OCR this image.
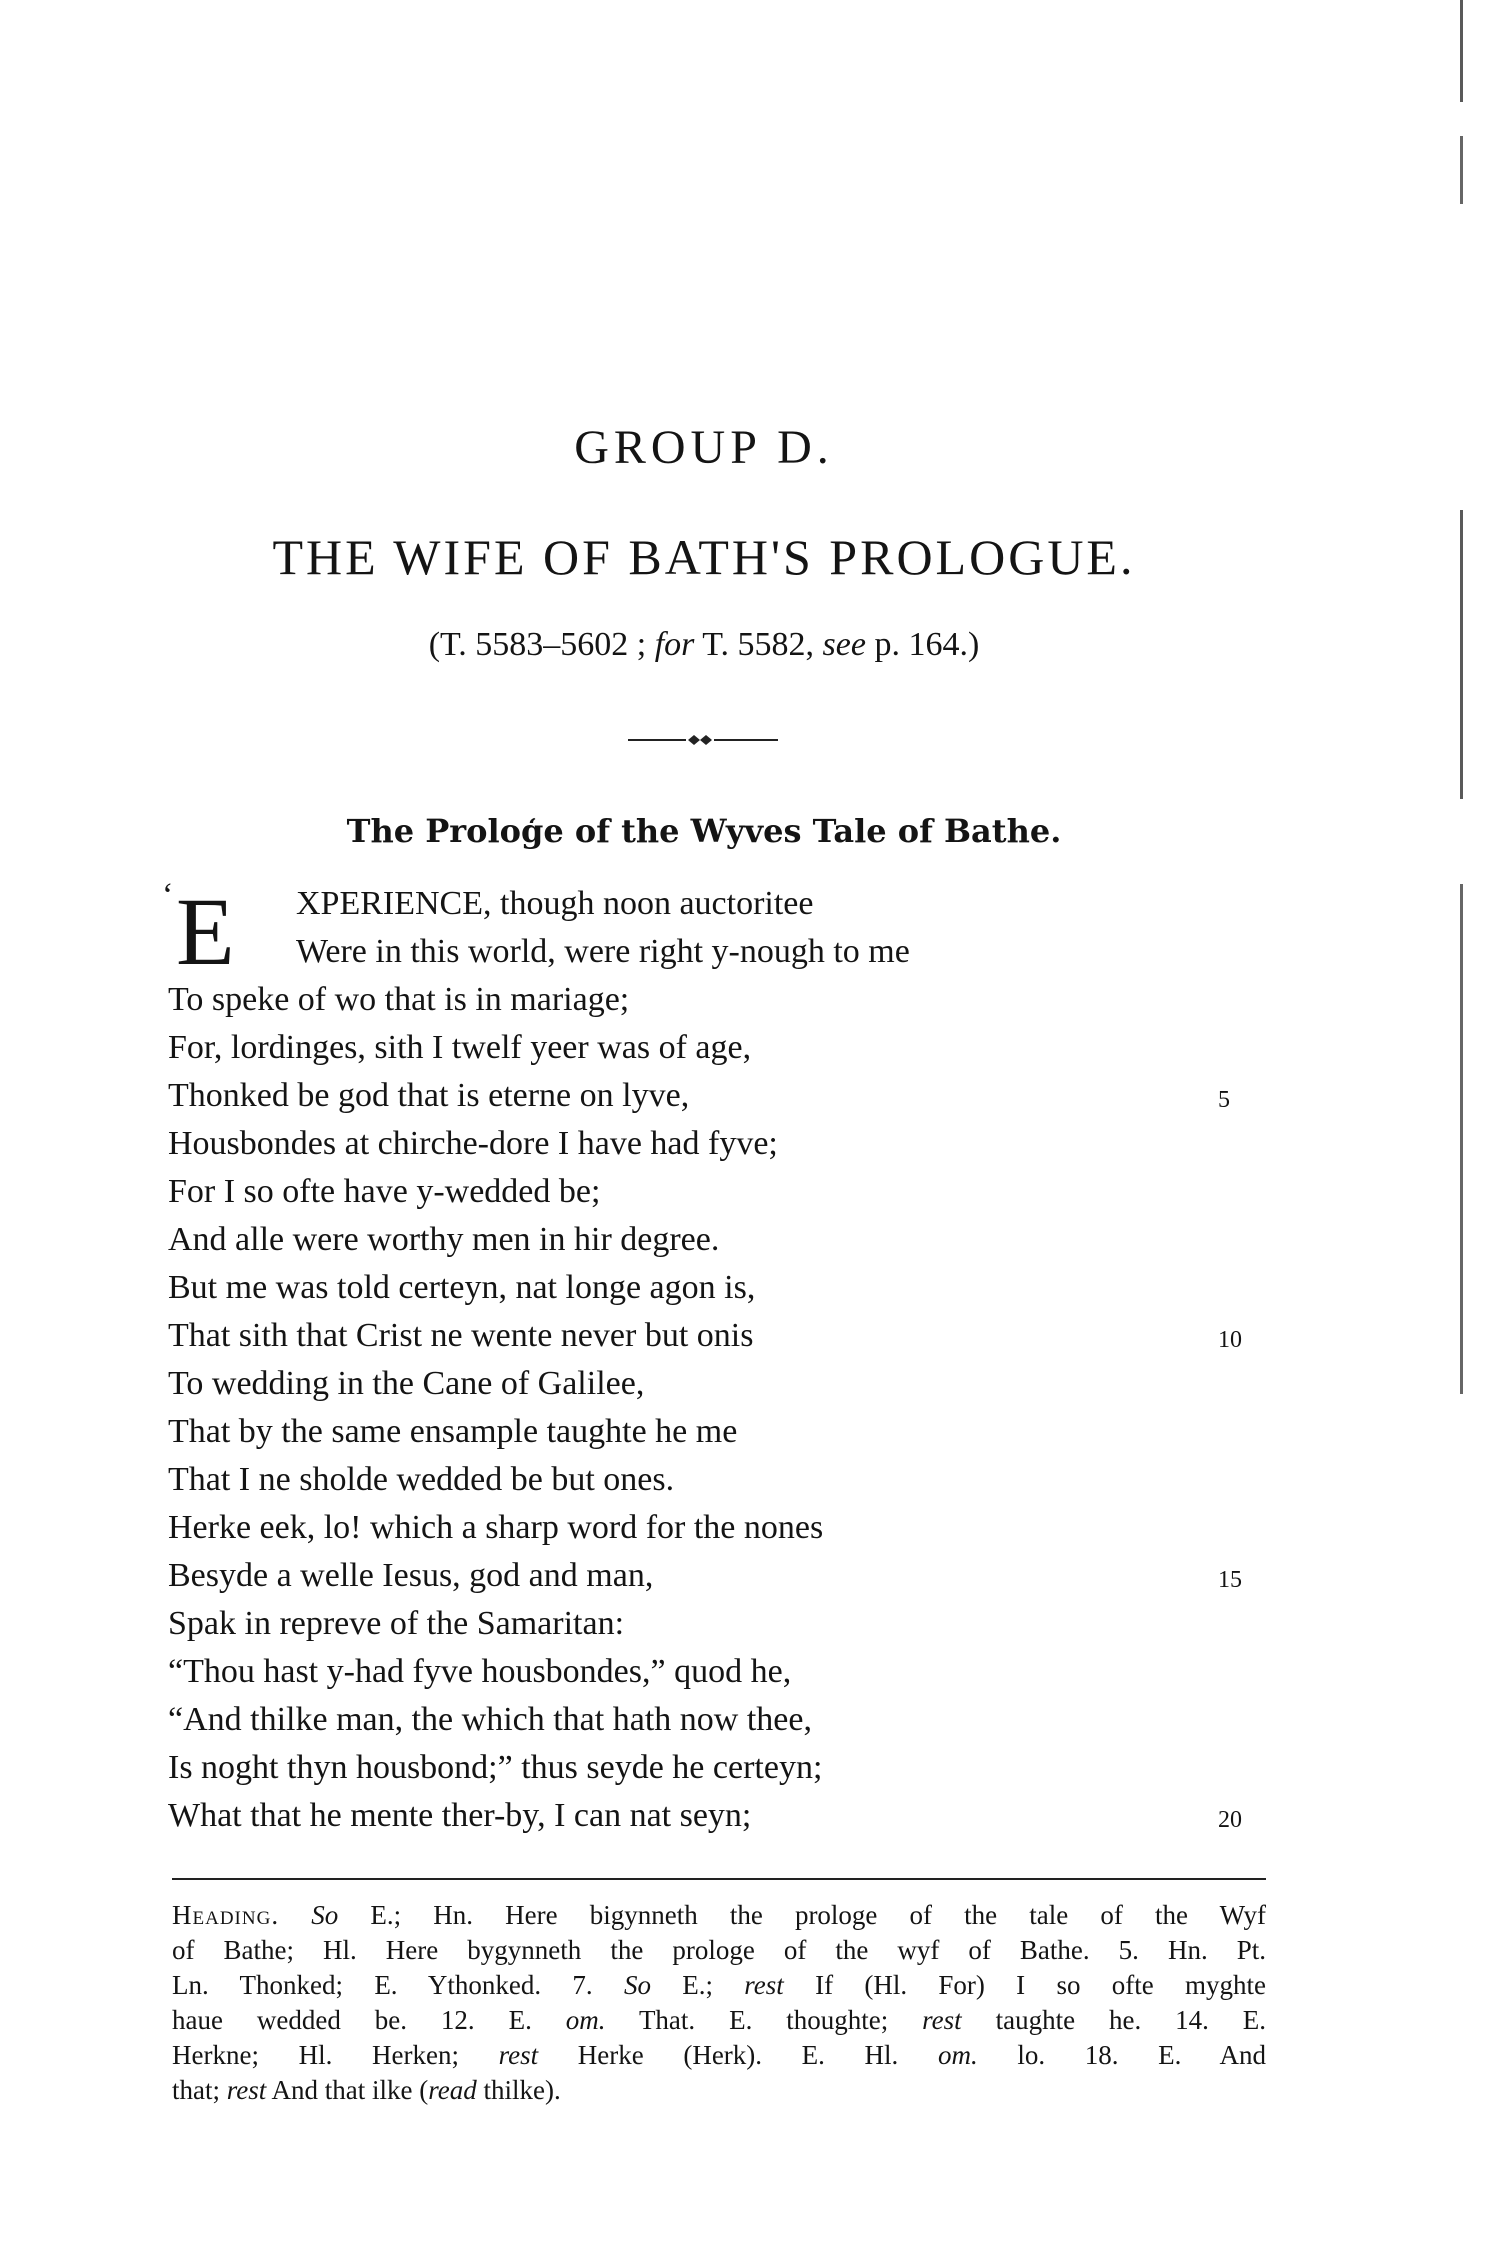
GROUP D.
THE WIFE OF BATH'S PROLOGUE.
(T. 5583–5602 ; for T. 5582, see p. 164.)
The Proloģe of the Wyves Tale of Bathe.
‘ E XPERIENCE, though noon auctoritee
Were in this world, were right y-nough to me
To speke of wo that is in mariage;
For, lordinges, sith I twelf yeer was of age,
Thonked be god that is eterne on lyve,	5
Housbondes at chirche-dore I have had fyve;
For I so ofte have y-wedded be;
And alle were worthy men in hir degree.
But me was told certeyn, nat longe agon is,
That sith that Crist ne wente never but onis	10
To wedding in the Cane of Galilee,
That by the same ensample taughte he me
That I ne sholde wedded be but ones.
Herke eek, lo! which a sharp word for the nones
Besyde a welle Iesus, god and man,	15
Spak in repreve of the Samaritan:
“Thou hast y-had fyve housbondes,” quod he,
“And thilke man, the which that hath now thee,
Is noght thyn housbond;” thus seyde he certeyn;
What that he mente ther-by, I can nat seyn;	20
Heading. So E.; Hn. Here bigynneth the prologe of the tale of the Wyf
of Bathe; Hl. Here bygynneth the prologe of the wyf of Bathe. 5. Hn. Pt.
Ln. Thonked; E. Ythonked. 7. So E.; rest If (Hl. For) I so ofte myghte
haue wedded be. 12. E. om. That. E. thoughte; rest taughte he. 14. E.
Herkne; Hl. Herken; rest Herke (Herk). E. Hl. om. lo. 18. E. And
that; rest And that ilke (read thilke).
